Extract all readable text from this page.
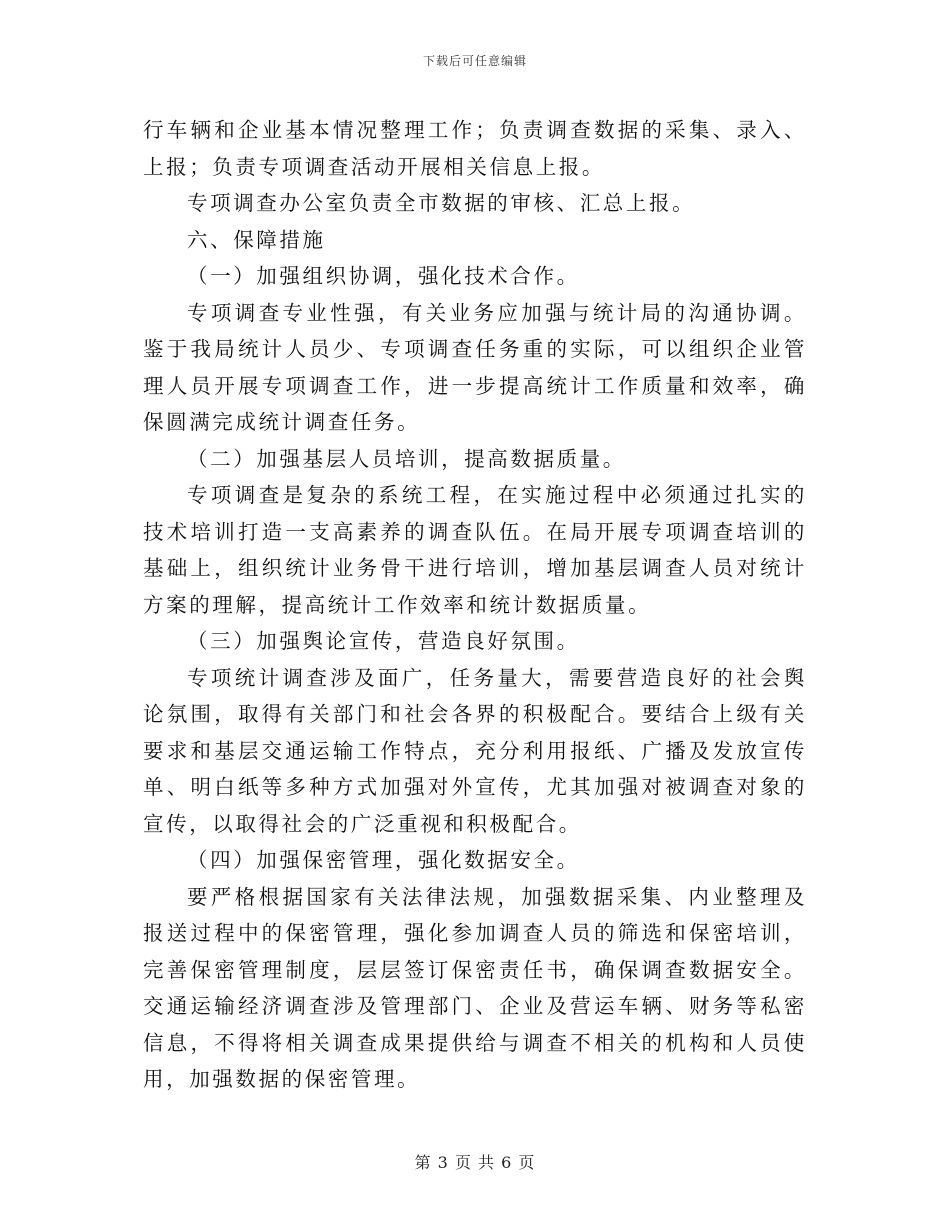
下载后可任意编辑

行车辆和企业基本情况整理工作；负责调查数据的采集、录入、上报；负责专项调查活动开展相关信息上报。

专项调查办公室负责全市数据的审核、汇总上报。

六、保障措施

（一）加强组织协调，强化技术合作。

专项调查专业性强，有关业务应加强与统计局的沟通协调。鉴于我局统计人员少、专项调查任务重的实际，可以组织企业管理人员开展专项调查工作，进一步提高统计工作质量和效率，确保圆满完成统计调查任务。

（二）加强基层人员培训，提高数据质量。

专项调查是复杂的系统工程，在实施过程中必须通过扎实的技术培训打造一支高素养的调查队伍。在局开展专项调查培训的基础上，组织统计业务骨干进行培训，增加基层调查人员对统计方案的理解，提高统计工作效率和统计数据质量。

（三）加强舆论宣传，营造良好氛围。

专项统计调查涉及面广，任务量大，需要营造良好的社会舆论氛围，取得有关部门和社会各界的积极配合。要结合上级有关要求和基层交通运输工作特点，充分利用报纸、广播及发放宣传单、明白纸等多种方式加强对外宣传，尤其加强对被调查对象的宣传，以取得社会的广泛重视和积极配合。

（四）加强保密管理，强化数据安全。

要严格根据国家有关法律法规，加强数据采集、内业整理及报送过程中的保密管理，强化参加调查人员的筛选和保密培训，完善保密管理制度，层层签订保密责任书，确保调查数据安全。交通运输经济调查涉及管理部门、企业及营运车辆、财务等私密信息，不得将相关调查成果提供给与调查不相关的机构和人员使用，加强数据的保密管理。

第 3 页 共 6 页
